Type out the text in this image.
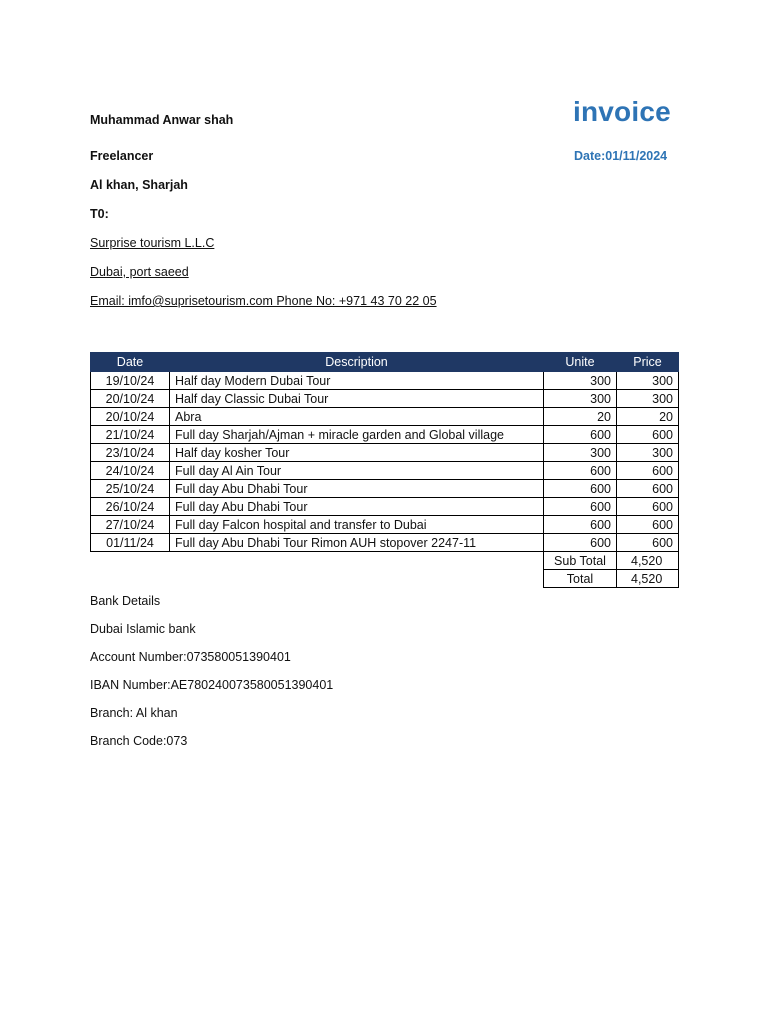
Muhammad Anwar shah
Freelancer
Al khan, Sharjah
T0:
Surprise tourism L.L.C
Dubai, port saeed
Email: imfo@suprisetourism.com Phone No: +971 43 70 22 05
invoice
Date:01/11/2024
Date	Description	Unite	Price
19/10/24	Half day Modern Dubai Tour	300	300
20/10/24	Half day Classic Dubai Tour	300	300
20/10/24	Abra	20	20
21/10/24	Full day Sharjah/Ajman + miracle garden and Global village	600	600
23/10/24	Half day kosher Tour	300	300
24/10/24	Full day Al Ain Tour	600	600
25/10/24	Full day Abu Dhabi Tour	600	600
26/10/24	Full day Abu Dhabi Tour	600	600
27/10/24	Full day Falcon hospital and transfer to Dubai	600	600
01/11/24	Full day Abu Dhabi Tour Rimon AUH stopover 2247-11	600	600
		Sub Total	4,520
		Total	4,520
Bank Details
Dubai Islamic bank
Account Number:073580051390401
IBAN Number:AE780240073580051390401
Branch: Al khan
Branch Code:073
